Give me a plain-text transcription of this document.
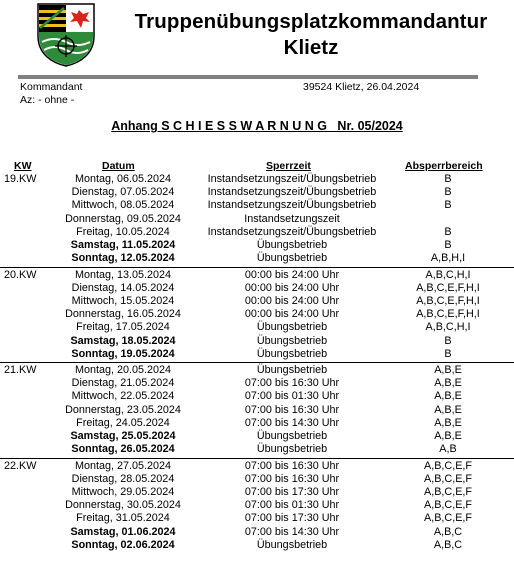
Truppenübungsplatzkommandantur
Klietz
Kommandant
Az: - ohne -
39524 Klietz, 26.04.2024
Anhang S C H I E S S W A R N U N G   Nr. 05/2024
KW	Datum	Sperrzeit	Absperrbereich
19.KW	Montag, 06.05.2024	Instandsetzungszeit/Übungsbetrieb	B
Dienstag, 07.05.2024	Instandsetzungszeit/Übungsbetrieb	B
Mittwoch, 08.05.2024	Instandsetzungszeit/Übungsbetrieb	B
Donnerstag, 09.05.2024	Instandsetzungszeit
Freitag, 10.05.2024	Instandsetzungszeit/Übungsbetrieb	B
Samstag, 11.05.2024	Übungsbetrieb	B
Sonntag, 12.05.2024	Übungsbetrieb	A,B,H,I
20.KW	Montag, 13.05.2024	00:00 bis 24:00 Uhr	A,B,C,H,I
Dienstag, 14.05.2024	00:00 bis 24:00 Uhr	A,B,C,E,F,H,I
Mittwoch, 15.05.2024	00:00 bis 24:00 Uhr	A,B,C,E,F,H,I
Donnerstag, 16.05.2024	00:00 bis 24:00 Uhr	A,B,C,E,F,H,I
Freitag, 17.05.2024	Übungsbetrieb	A,B,C,H,I
Samstag, 18.05.2024	Übungsbetrieb	B
Sonntag, 19.05.2024	Übungsbetrieb	B
21.KW	Montag, 20.05.2024	Übungsbetrieb	A,B,E
Dienstag, 21.05.2024	07:00 bis 16:30 Uhr	A,B,E
Mittwoch, 22.05.2024	07:00 bis 01:30 Uhr	A,B,E
Donnerstag, 23.05.2024	07:00 bis 16:30 Uhr	A,B,E
Freitag, 24.05.2024	07:00 bis 14:30 Uhr	A,B,E
Samstag, 25.05.2024	Übungsbetrieb	A,B,E
Sonntag, 26.05.2024	Übungsbetrieb	A,B
22.KW	Montag, 27.05.2024	07:00 bis 16:30 Uhr	A,B,C,E,F
Dienstag, 28.05.2024	07:00 bis 16:30 Uhr	A,B,C,E,F
Mittwoch, 29.05.2024	07:00 bis 17:30 Uhr	A,B,C,E,F
Donnerstag, 30.05.2024	07:00 bis 01:30 Uhr	A,B,C,E,F
Freitag, 31.05.2024	07:00 bis 17:30 Uhr	A,B,C,E,F
Samstag, 01.06.2024	07:00 bis 14:30 Uhr	A,B,C
Sonntag, 02.06.2024	Übungsbetrieb	A,B,C
